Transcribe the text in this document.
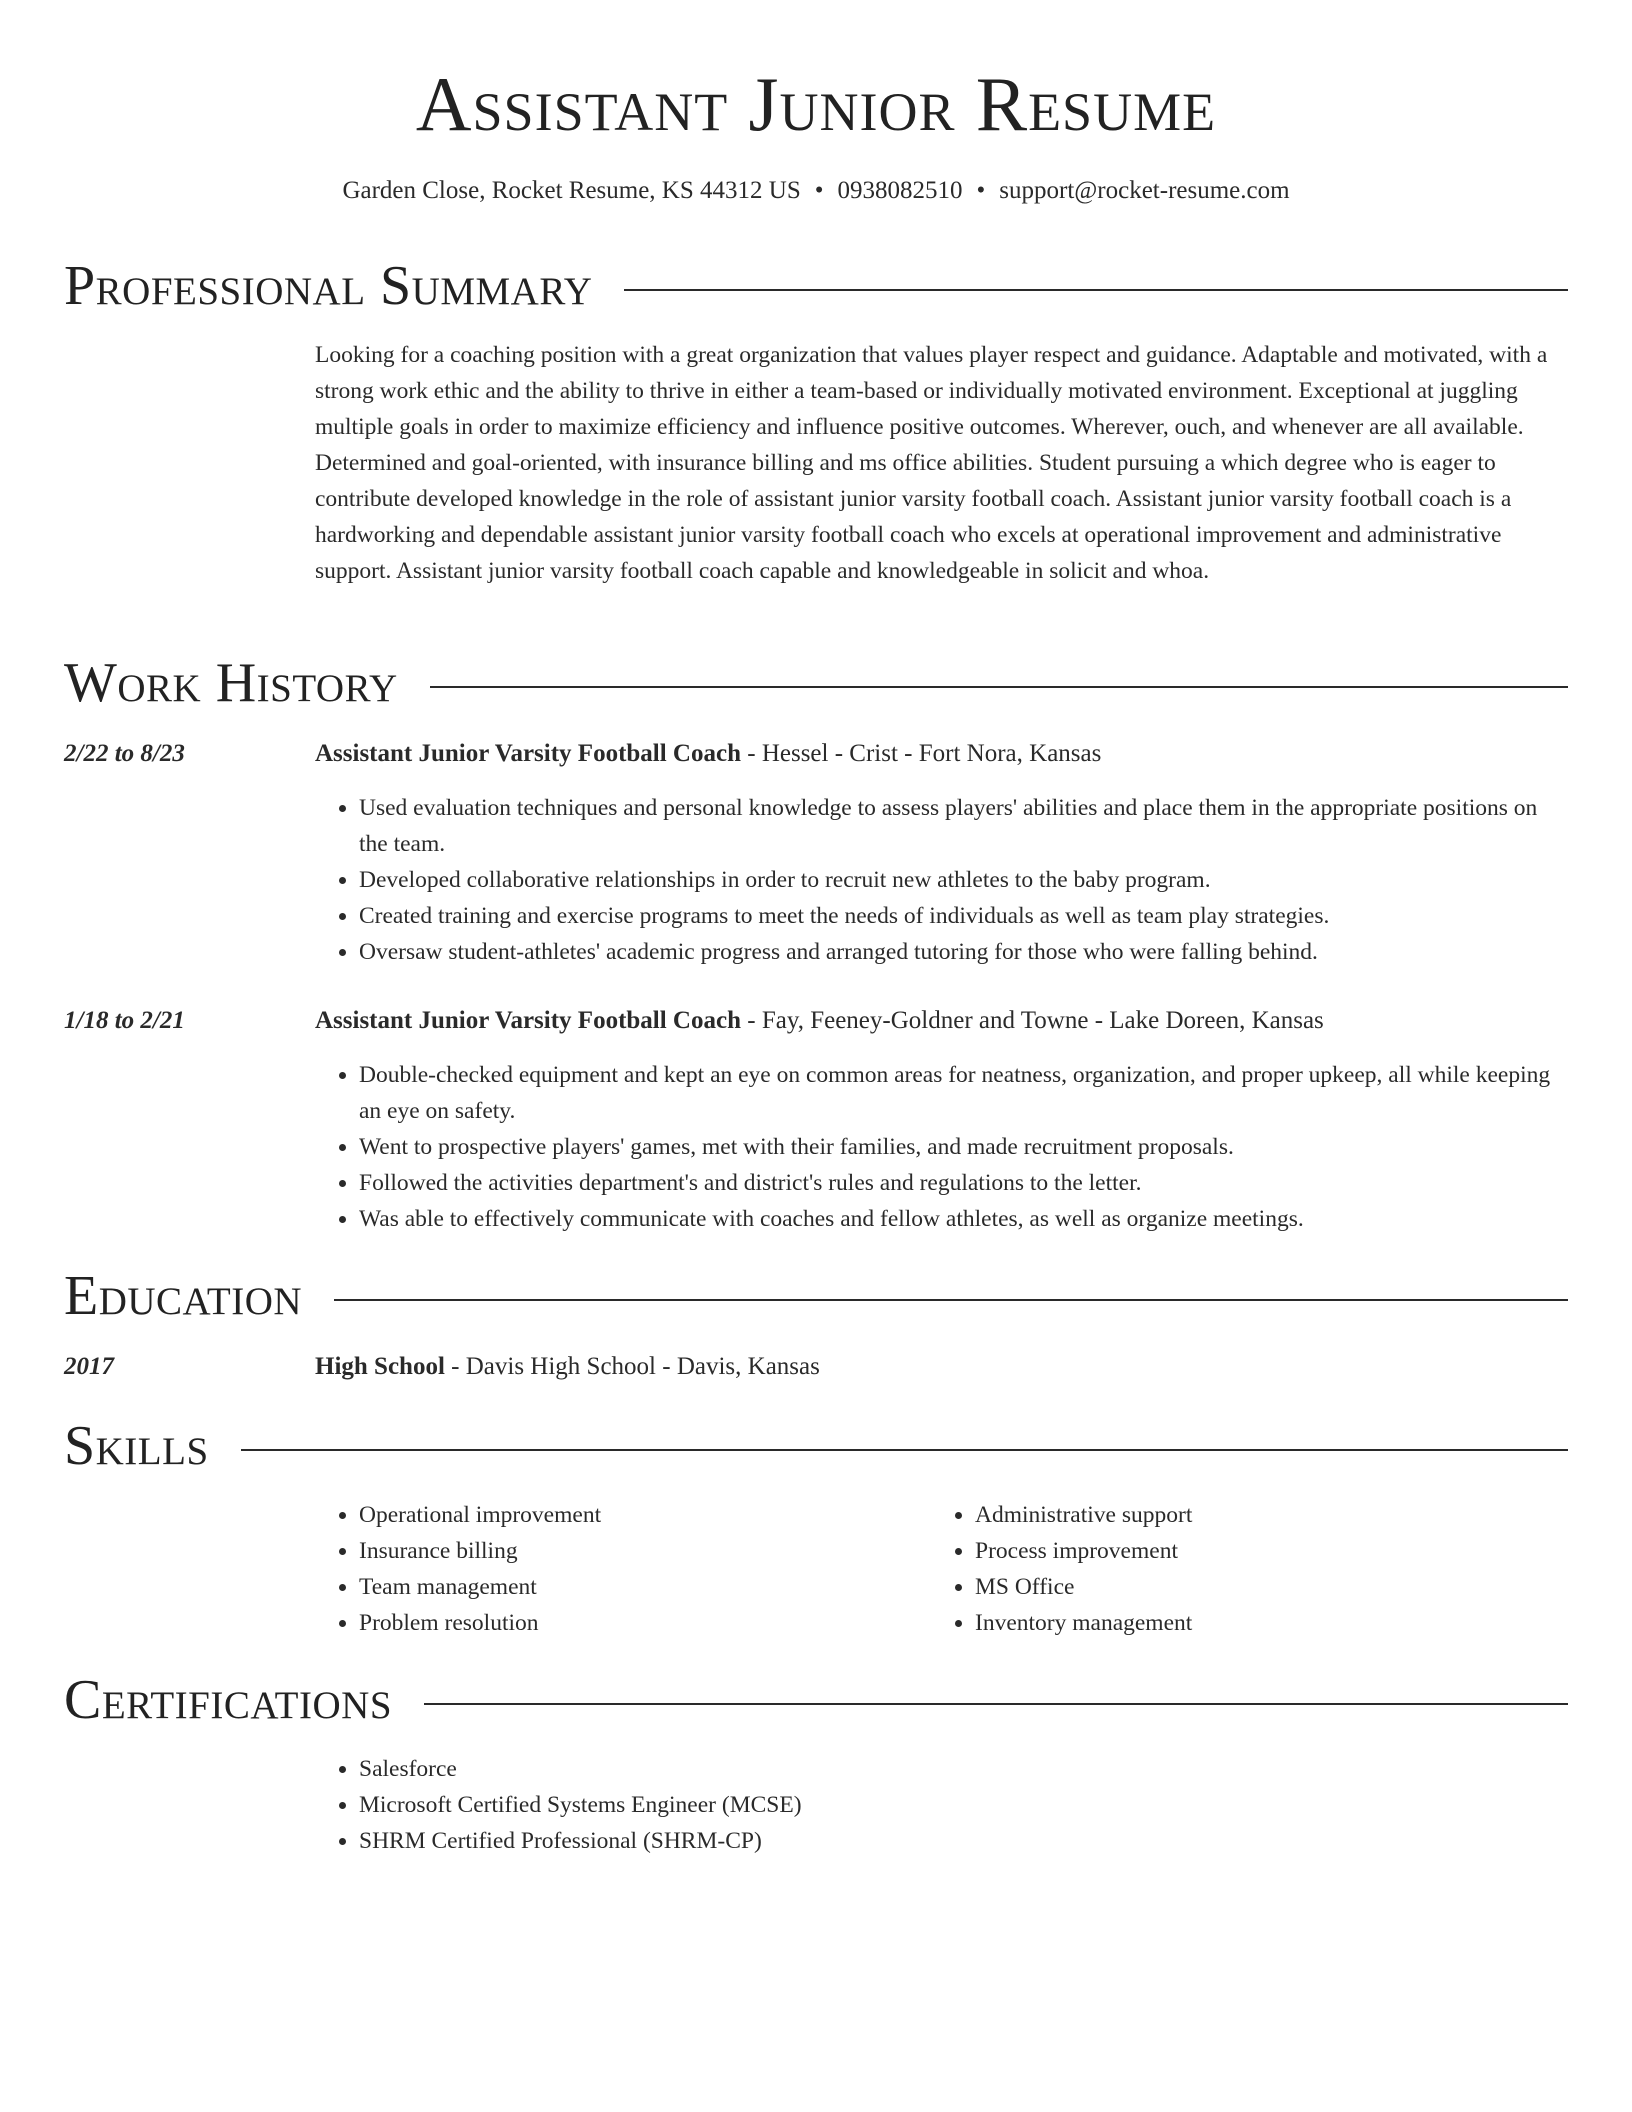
Assistant Junior Resume
Garden Close, Rocket Resume, KS 44312 US • 0938082510 • support@rocket-resume.com
Professional Summary
Looking for a coaching position with a great organization that values player respect and guidance. Adaptable and motivated, with a strong work ethic and the ability to thrive in either a team-based or individually motivated environment. Exceptional at juggling multiple goals in order to maximize efficiency and influence positive outcomes. Wherever, ouch, and whenever are all available. Determined and goal-oriented, with insurance billing and ms office abilities. Student pursuing a which degree who is eager to contribute developed knowledge in the role of assistant junior varsity football coach. Assistant junior varsity football coach is a hardworking and dependable assistant junior varsity football coach who excels at operational improvement and administrative support. Assistant junior varsity football coach capable and knowledgeable in solicit and whoa.
Work History
2/22 to 8/23	Assistant Junior Varsity Football Coach - Hessel - Crist - Fort Nora, Kansas
• Used evaluation techniques and personal knowledge to assess players' abilities and place them in the appropriate positions on the team.
• Developed collaborative relationships in order to recruit new athletes to the baby program.
• Created training and exercise programs to meet the needs of individuals as well as team play strategies.
• Oversaw student-athletes' academic progress and arranged tutoring for those who were falling behind.
1/18 to 2/21	Assistant Junior Varsity Football Coach - Fay, Feeney-Goldner and Towne - Lake Doreen, Kansas
• Double-checked equipment and kept an eye on common areas for neatness, organization, and proper upkeep, all while keeping an eye on safety.
• Went to prospective players' games, met with their families, and made recruitment proposals.
• Followed the activities department's and district's rules and regulations to the letter.
• Was able to effectively communicate with coaches and fellow athletes, as well as organize meetings.
Education
2017	High School - Davis High School - Davis, Kansas
Skills
• Operational improvement
• Insurance billing
• Team management
• Problem resolution
• Administrative support
• Process improvement
• MS Office
• Inventory management
Certifications
• Salesforce
• Microsoft Certified Systems Engineer (MCSE)
• SHRM Certified Professional (SHRM-CP)
